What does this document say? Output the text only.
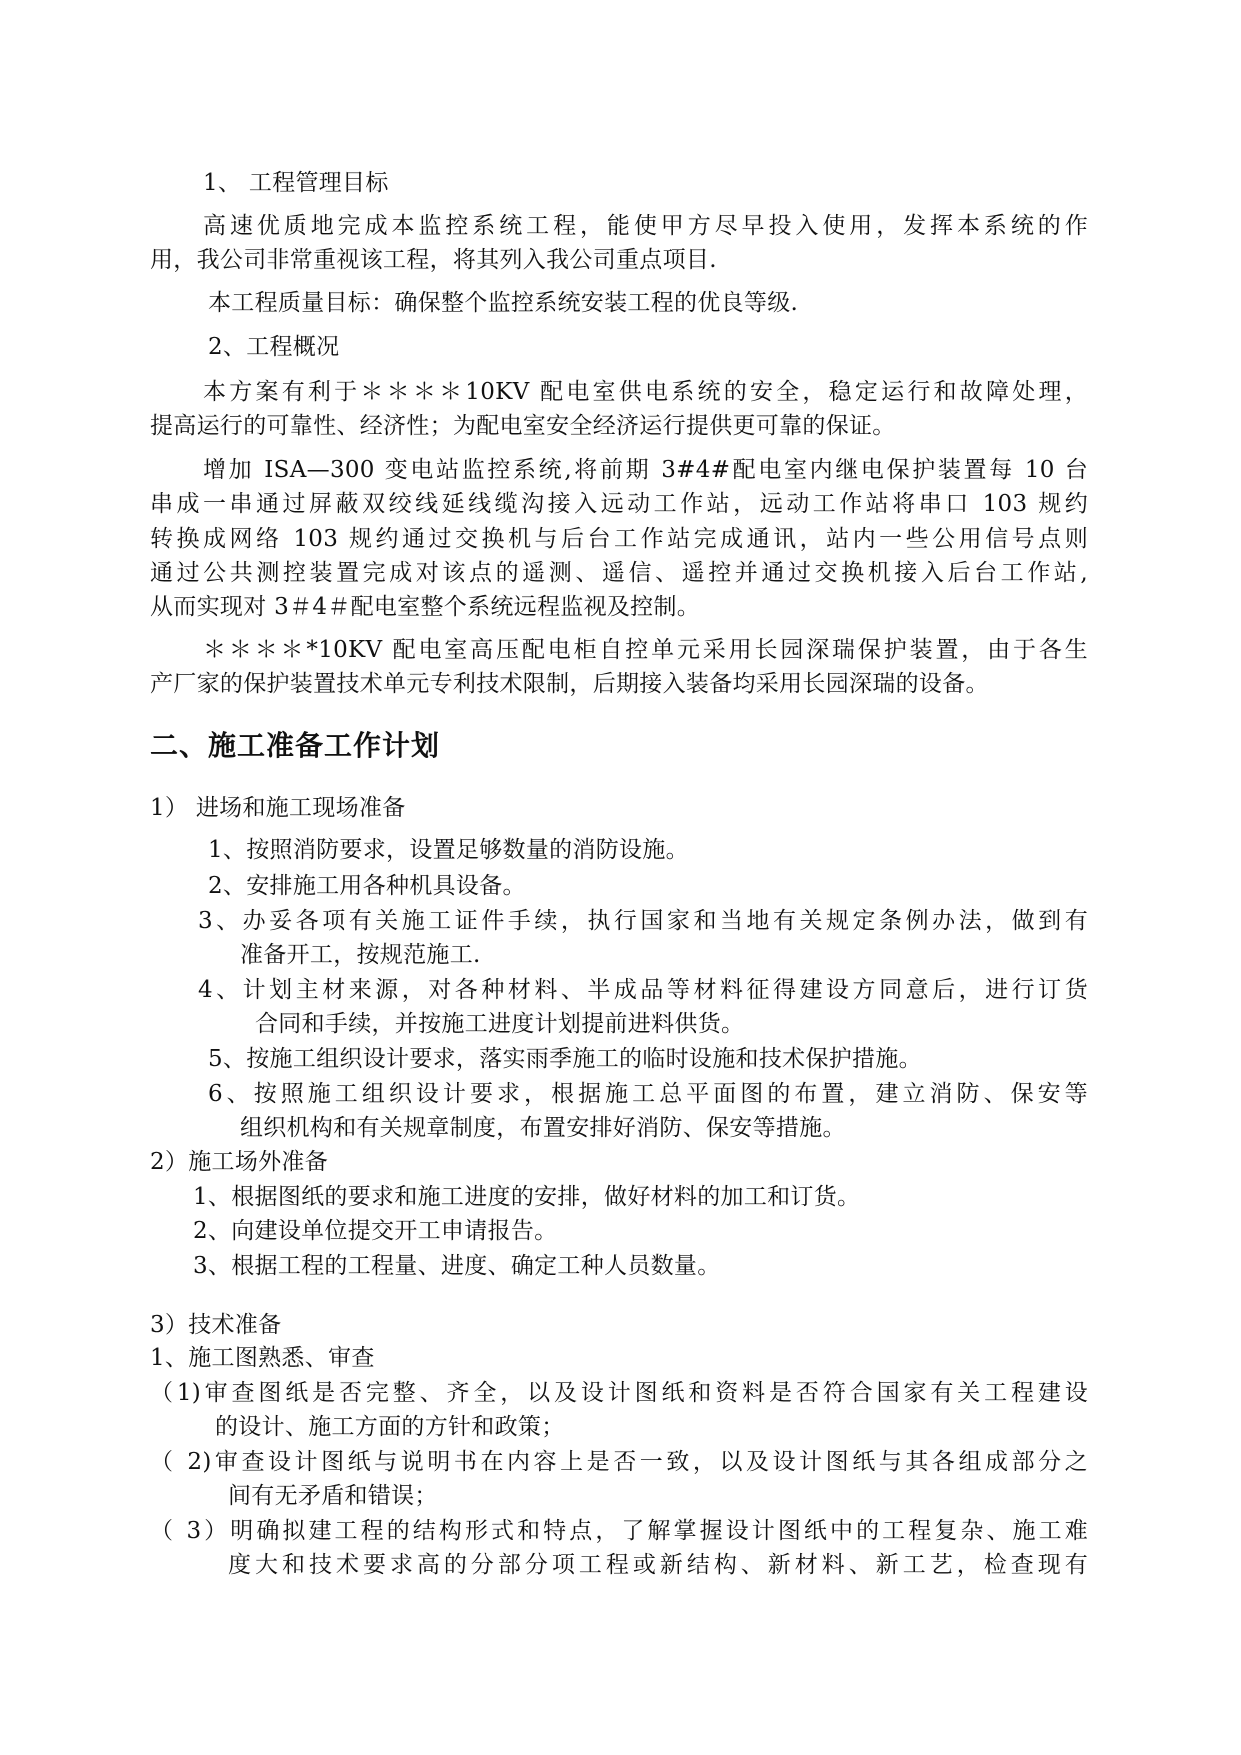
1、 工程管理目标
高速优质地完成本监控系统工程，能使甲方尽早投入使用，发挥本系统的作
用，我公司非常重视该工程，将其列入我公司重点项目.
本工程质量目标：确保整个监控系统安装工程的优良等级.
2、工程概况
本方案有利于＊＊＊＊10KV 配电室供电系统的安全，稳定运行和故障处理，
提高运行的可靠性、经济性；为配电室安全经济运行提供更可靠的保证。
增加 ISA—300 变电站监控系统,将前期 3#4#配电室内继电保护装置每 10 台
串成一串通过屏蔽双绞线延线缆沟接入远动工作站，远动工作站将串口 103 规约
转换成网络 103 规约通过交换机与后台工作站完成通讯，站内一些公用信号点则
通过公共测控装置完成对该点的遥测、遥信、遥控并通过交换机接入后台工作站,
从而实现对 3＃4＃配电室整个系统远程监视及控制。
＊＊＊＊*10KV 配电室高压配电柜自控单元采用长园深瑞保护装置，由于各生
产厂家的保护装置技术单元专利技术限制，后期接入装备均采用长园深瑞的设备。
二、施工准备工作计划
1） 进场和施工现场准备
1、按照消防要求，设置足够数量的消防设施。
2、安排施工用各种机具设备。
3、办妥各项有关施工证件手续，执行国家和当地有关规定条例办法，做到有
准备开工，按规范施工.
4、计划主材来源，对各种材料、半成品等材料征得建设方同意后，进行订货
合同和手续，并按施工进度计划提前进料供货。
5、按施工组织设计要求，落实雨季施工的临时设施和技术保护措施。
6、按照施工组织设计要求，根据施工总平面图的布置，建立消防、保安等
组织机构和有关规章制度，布置安排好消防、保安等措施。
2）施工场外准备
1、根据图纸的要求和施工进度的安排，做好材料的加工和订货。
2、向建设单位提交开工申请报告。
3、根据工程的工程量、进度、确定工种人员数量。
3）技术准备
1、施工图熟悉、审查
（1)审查图纸是否完整、齐全，以及设计图纸和资料是否符合国家有关工程建设
的设计、施工方面的方针和政策；
（ 2)审查设计图纸与说明书在内容上是否一致，以及设计图纸与其各组成部分之
间有无矛盾和错误；
（ 3）明确拟建工程的结构形式和特点，了解掌握设计图纸中的工程复杂、施工难
度大和技术要求高的分部分项工程或新结构、新材料、新工艺，检查现有
